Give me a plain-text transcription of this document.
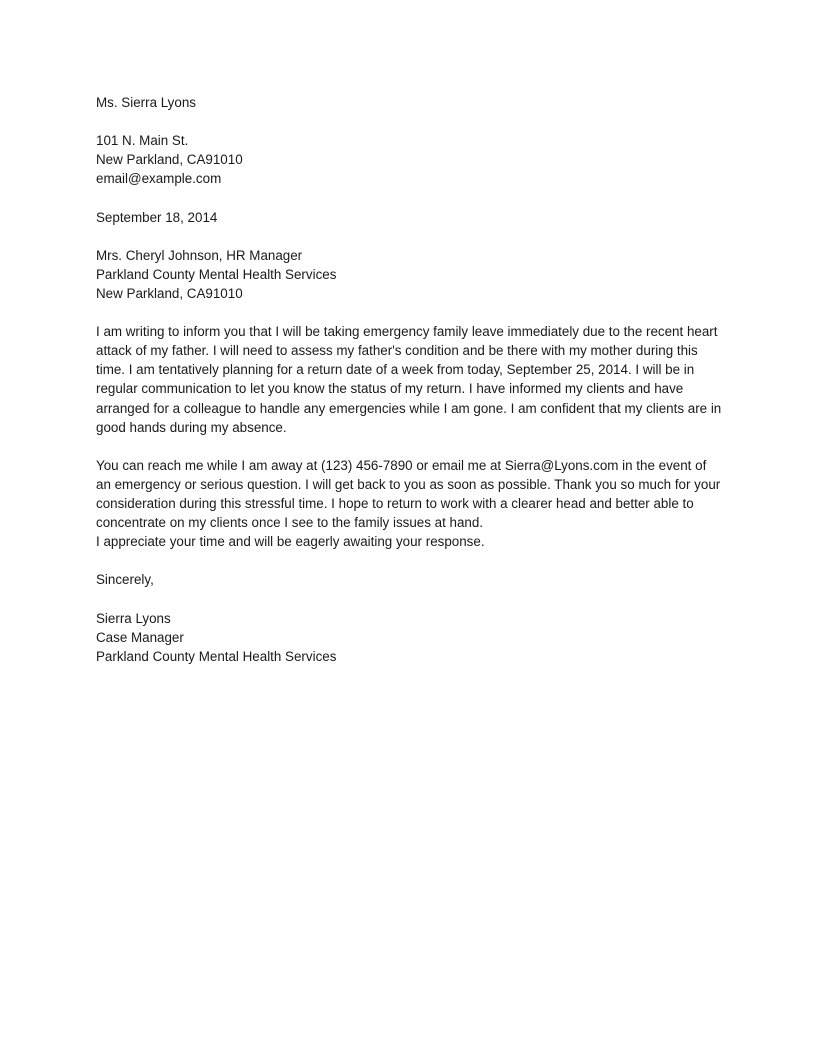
Ms. Sierra Lyons
101 N. Main St.
New Parkland, CA91010
email@example.com
September 18, 2014
Mrs. Cheryl Johnson, HR Manager
Parkland County Mental Health Services
New Parkland, CA91010
I am writing to inform you that I will be taking emergency family leave immediately due to the recent heart
attack of my father. I will need to assess my father's condition and be there with my mother during this
time. I am tentatively planning for a return date of a week from today, September 25, 2014. I will be in
regular communication to let you know the status of my return. I have informed my clients and have
arranged for a colleague to handle any emergencies while I am gone. I am confident that my clients are in
good hands during my absence.
You can reach me while I am away at (123) 456-7890 or email me at Sierra@Lyons.com in the event of
an emergency or serious question. I will get back to you as soon as possible. Thank you so much for your
consideration during this stressful time. I hope to return to work with a clearer head and better able to
concentrate on my clients once I see to the family issues at hand.
I appreciate your time and will be eagerly awaiting your response.
Sincerely,
Sierra Lyons
Case Manager
Parkland County Mental Health Services
